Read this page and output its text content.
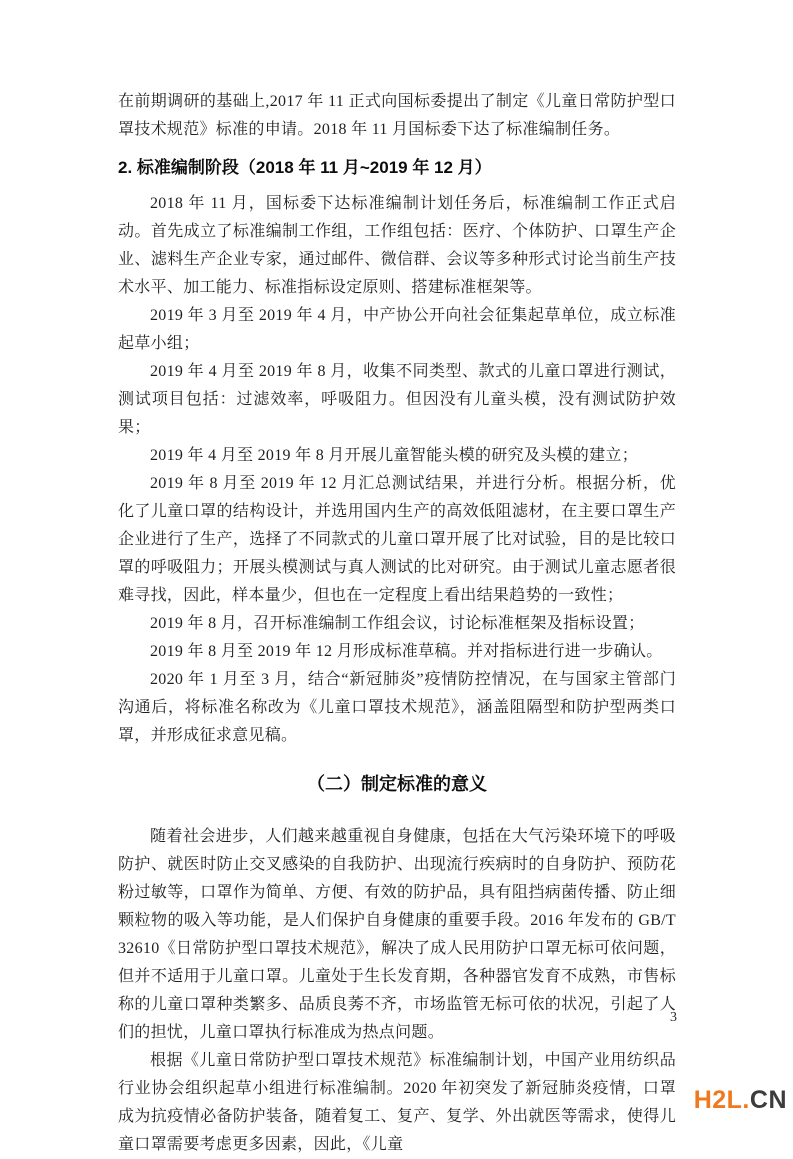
在前期调研的基础上,2017 年 11 正式向国标委提出了制定《儿童日常防护型口罩技术规范》标准的申请。2018 年 11 月国标委下达了标准编制任务。

2. 标准编制阶段（2018 年 11 月~2019 年 12 月）

2018 年 11 月，国标委下达标准编制计划任务后，标准编制工作正式启动。首先成立了标准编制工作组，工作组包括：医疗、个体防护、口罩生产企业、滤料生产企业专家，通过邮件、微信群、会议等多种形式讨论当前生产技术水平、加工能力、标准指标设定原则、搭建标准框架等。

2019 年 3 月至 2019 年 4 月，中产协公开向社会征集起草单位，成立标准起草小组；

2019 年 4 月至 2019 年 8 月，收集不同类型、款式的儿童口罩进行测试，测试项目包括：过滤效率，呼吸阻力。但因没有儿童头模，没有测试防护效果；

2019 年 4 月至 2019 年 8 月开展儿童智能头模的研究及头模的建立；

2019 年 8 月至 2019 年 12 月汇总测试结果，并进行分析。根据分析，优化了儿童口罩的结构设计，并选用国内生产的高效低阻滤材，在主要口罩生产企业进行了生产，选择了不同款式的儿童口罩开展了比对试验，目的是比较口罩的呼吸阻力；开展头模测试与真人测试的比对研究。由于测试儿童志愿者很难寻找，因此，样本量少，但也在一定程度上看出结果趋势的一致性；

2019 年 8 月，召开标准编制工作组会议，讨论标准框架及指标设置；

2019 年 8 月至 2019 年 12 月形成标准草稿。并对指标进行进一步确认。

2020 年 1 月至 3 月，结合“新冠肺炎”疫情防控情况，在与国家主管部门沟通后，将标准名称改为《儿童口罩技术规范》，涵盖阻隔型和防护型两类口罩，并形成征求意见稿。

（二）制定标准的意义

随着社会进步，人们越来越重视自身健康，包括在大气污染环境下的呼吸防护、就医时防止交叉感染的自我防护、出现流行疾病时的自身防护、预防花粉过敏等，口罩作为简单、方便、有效的防护品，具有阻挡病菌传播、防止细颗粒物的吸入等功能，是人们保护自身健康的重要手段。2016 年发布的 GB/T 32610《日常防护型口罩技术规范》，解决了成人民用防护口罩无标可依问题，但并不适用于儿童口罩。儿童处于生长发育期，各种器官发育不成熟，市售标称的儿童口罩种类繁多、品质良莠不齐，市场监管无标可依的状况，引起了人们的担忧，儿童口罩执行标准成为热点问题。

根据《儿童日常防护型口罩技术规范》标准编制计划，中国产业用纺织品行业协会组织起草小组进行标准编制。2020 年初突发了新冠肺炎疫情，口罩成为抗疫情必备防护装备，随着复工、复产、复学、外出就医等需求，使得儿童口罩需要考虑更多因素，因此，《儿童

3
H2L.CN
